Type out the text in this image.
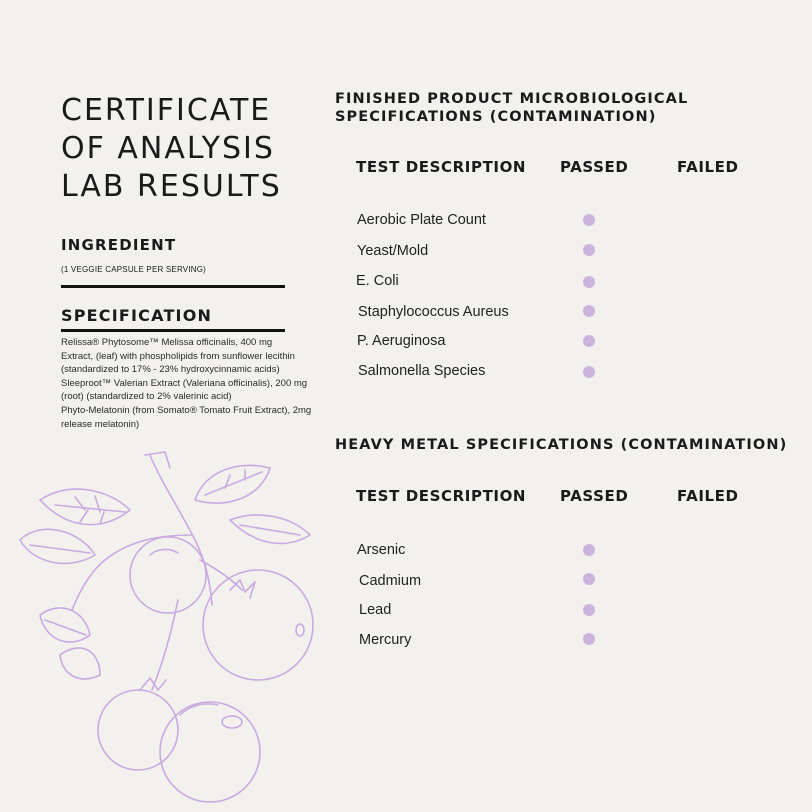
CERTIFICATE
OF ANALYSIS
LAB RESULTS
INGREDIENT
(1 VEGGIE CAPSULE PER SERVING)
SPECIFICATION

Relissa® Phytosome™ Melissa officinalis, 400 mg

Extract, (leaf) with phospholipids from sunflower lecithin

(standardized to 17% - 23% hydroxycinnamic acids)

Sleeproot™ Valerian Extract (Valeriana officinalis), 200 mg

(root) (standardized to 2% valerinic acid)

Phyto-Melatonin (from Somato® Tomato Fruit Extract), 2mg

release melatonin)

FINISHED PRODUCT MICROBIOLOGICAL
SPECIFICATIONS (CONTAMINATION)
TEST DESCRIPTION PASSED	FAILED
Aerobic Plate Count
Yeast/Mold
E. Coli
Staphylococcus Aureus
P. Aeruginosa
Salmonella Species
HEAVY METAL SPECIFICATIONS (CONTAMINATION)
TEST DESCRIPTION PASSED	FAILED
Arsenic
Cadmium
Lead
Mercury
